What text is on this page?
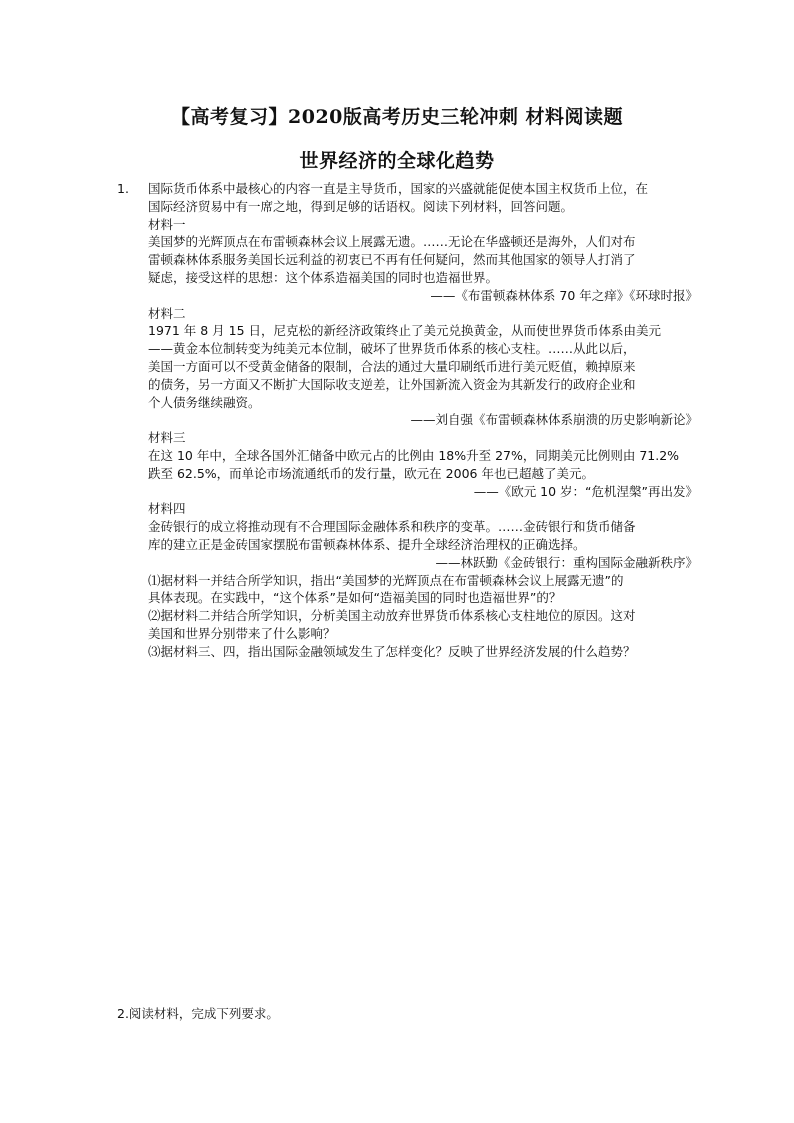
【高考复习】2020版高考历史三轮冲刺 材料阅读题
世界经济的全球化趋势
1.	国际货币体系中最核心的内容一直是主导货币，国家的兴盛就能促使本国主权货币上位，在
国际经济贸易中有一席之地，得到足够的话语权。阅读下列材料，回答问题。
材料一
美国梦的光辉顶点在布雷顿森林会议上展露无遗。……无论在华盛顿还是海外，人们对布
雷顿森林体系服务美国长远利益的初衷已不再有任何疑问，然而其他国家的领导人打消了
疑虑，接受这样的思想：这个体系造福美国的同时也造福世界。
——《布雷顿森林体系 70 年之痒》《环球时报》
材料二
1971 年 8 月 15 日，尼克松的新经济政策终止了美元兑换黄金，从而使世界货币体系由美元
——黄金本位制转变为纯美元本位制，破坏了世界货币体系的核心支柱。……从此以后，
美国一方面可以不受黄金储备的限制，合法的通过大量印刷纸币进行美元贬值，赖掉原来
的债务，另一方面又不断扩大国际收支逆差，让外国新流入资金为其新发行的政府企业和
个人债务继续融资。
——刘自强《布雷顿森林体系崩溃的历史影响新论》
材料三
在这 10 年中，全球各国外汇储备中欧元占的比例由 18%升至 27%，同期美元比例则由 71.2%
跌至 62.5%，而单论市场流通纸币的发行量，欧元在 2006 年也已超越了美元。
——《欧元 10 岁：“危机涅槃”再出发》
材料四
金砖银行的成立将推动现有不合理国际金融体系和秩序的变革。……金砖银行和货币储备
库的建立正是金砖国家摆脱布雷顿森林体系、提升全球经济治理权的正确选择。
——林跃勤《金砖银行：重构国际金融新秩序》
⑴据材料一并结合所学知识，指出“美国梦的光辉顶点在布雷顿森林会议上展露无遗”的
具体表现。在实践中，“这个体系”是如何“造福美国的同时也造福世界”的？
⑵据材料二并结合所学知识，分析美国主动放弃世界货币体系核心支柱地位的原因。这对
美国和世界分别带来了什么影响？
⑶据材料三、四，指出国际金融领域发生了怎样变化？反映了世界经济发展的什么趋势？
2.阅读材料，完成下列要求。
